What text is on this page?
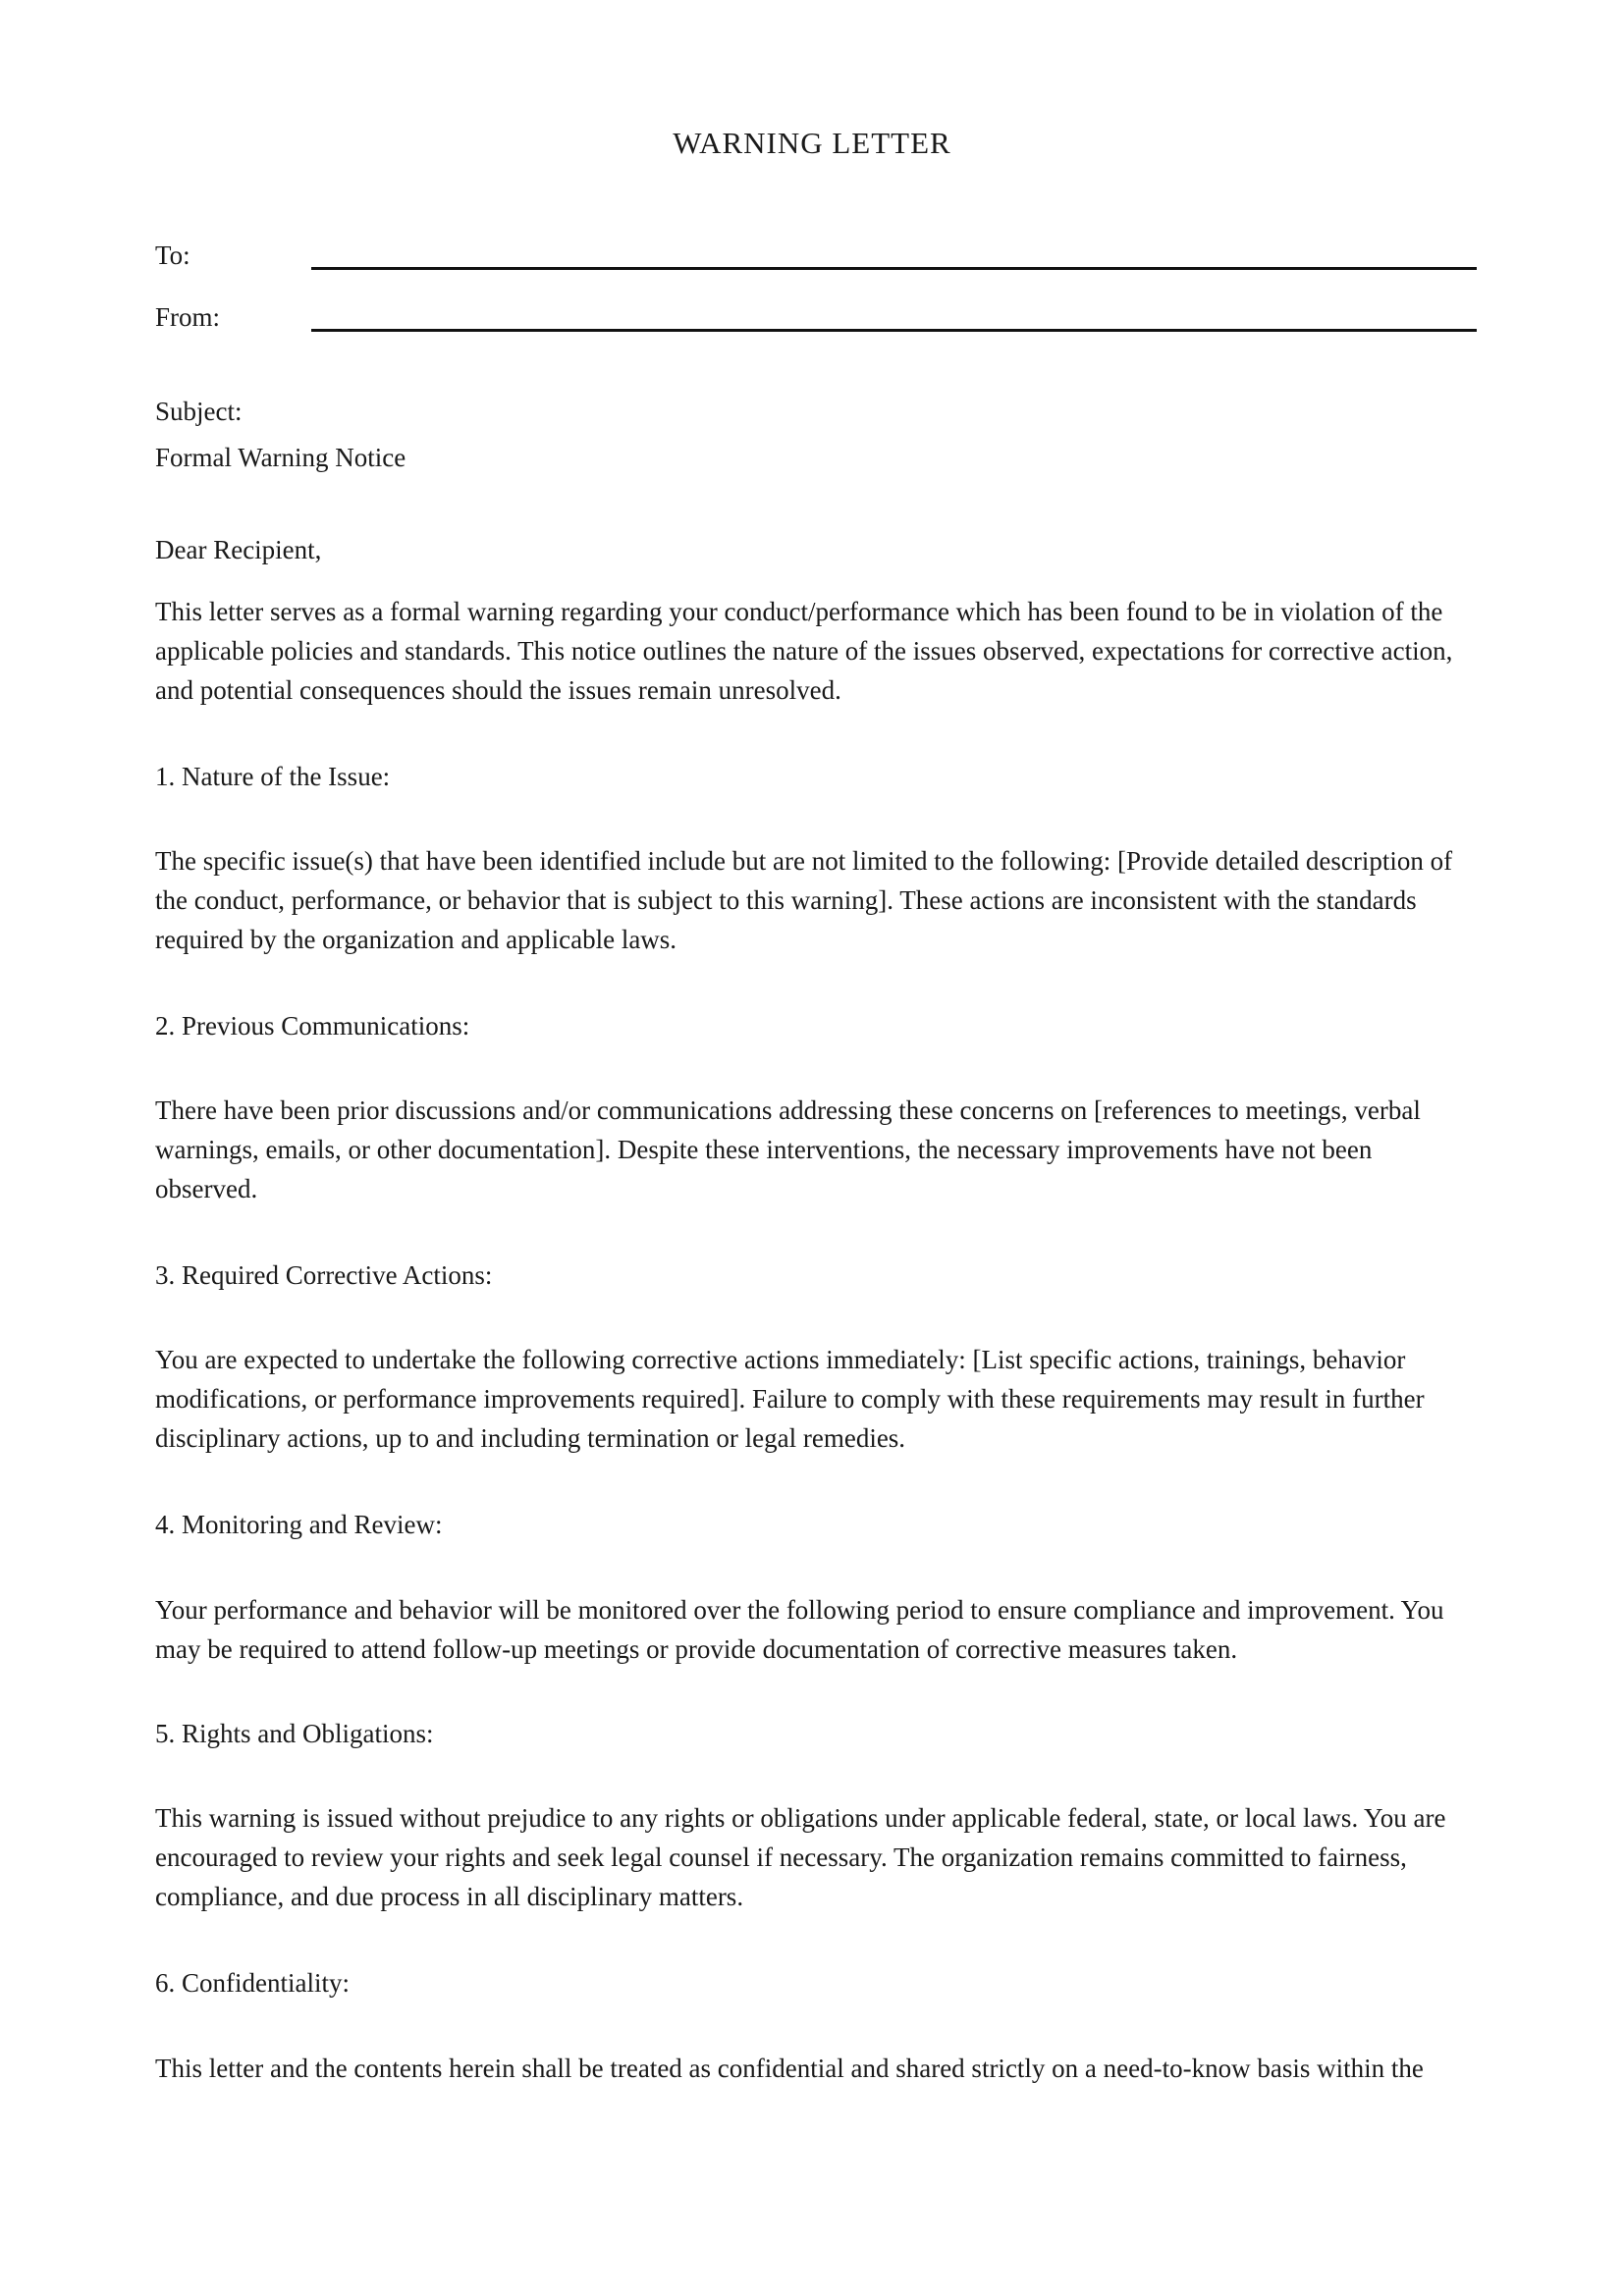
WARNING LETTER
To:
From:

Subject:

Formal Warning Notice

Dear Recipient,

This letter serves as a formal warning regarding your conduct/performance which has been found to be in violation of the applicable policies and standards. This notice outlines the nature of the issues observed, expectations for corrective action, and potential consequences should the issues remain unresolved.

1. Nature of the Issue:

The specific issue(s) that have been identified include but are not limited to the following: [Provide detailed description of the conduct, performance, or behavior that is subject to this warning]. These actions are inconsistent with the standards required by the organization and applicable laws.

2. Previous Communications:

There have been prior discussions and/or communications addressing these concerns on [references to meetings, verbal warnings, emails, or other documentation]. Despite these interventions, the necessary improvements have not been observed.

3. Required Corrective Actions:

You are expected to undertake the following corrective actions immediately: [List specific actions, trainings, behavior modifications, or performance improvements required]. Failure to comply with these requirements may result in further disciplinary actions, up to and including termination or legal remedies.

4. Monitoring and Review:

Your performance and behavior will be monitored over the following period to ensure compliance and improvement. You may be required to attend follow-up meetings or provide documentation of corrective measures taken.

5. Rights and Obligations:

This warning is issued without prejudice to any rights or obligations under applicable federal, state, or local laws. You are encouraged to review your rights and seek legal counsel if necessary. The organization remains committed to fairness, compliance, and due process in all disciplinary matters.

6. Confidentiality:

This letter and the contents herein shall be treated as confidential and shared strictly on a need-to-know basis within the
